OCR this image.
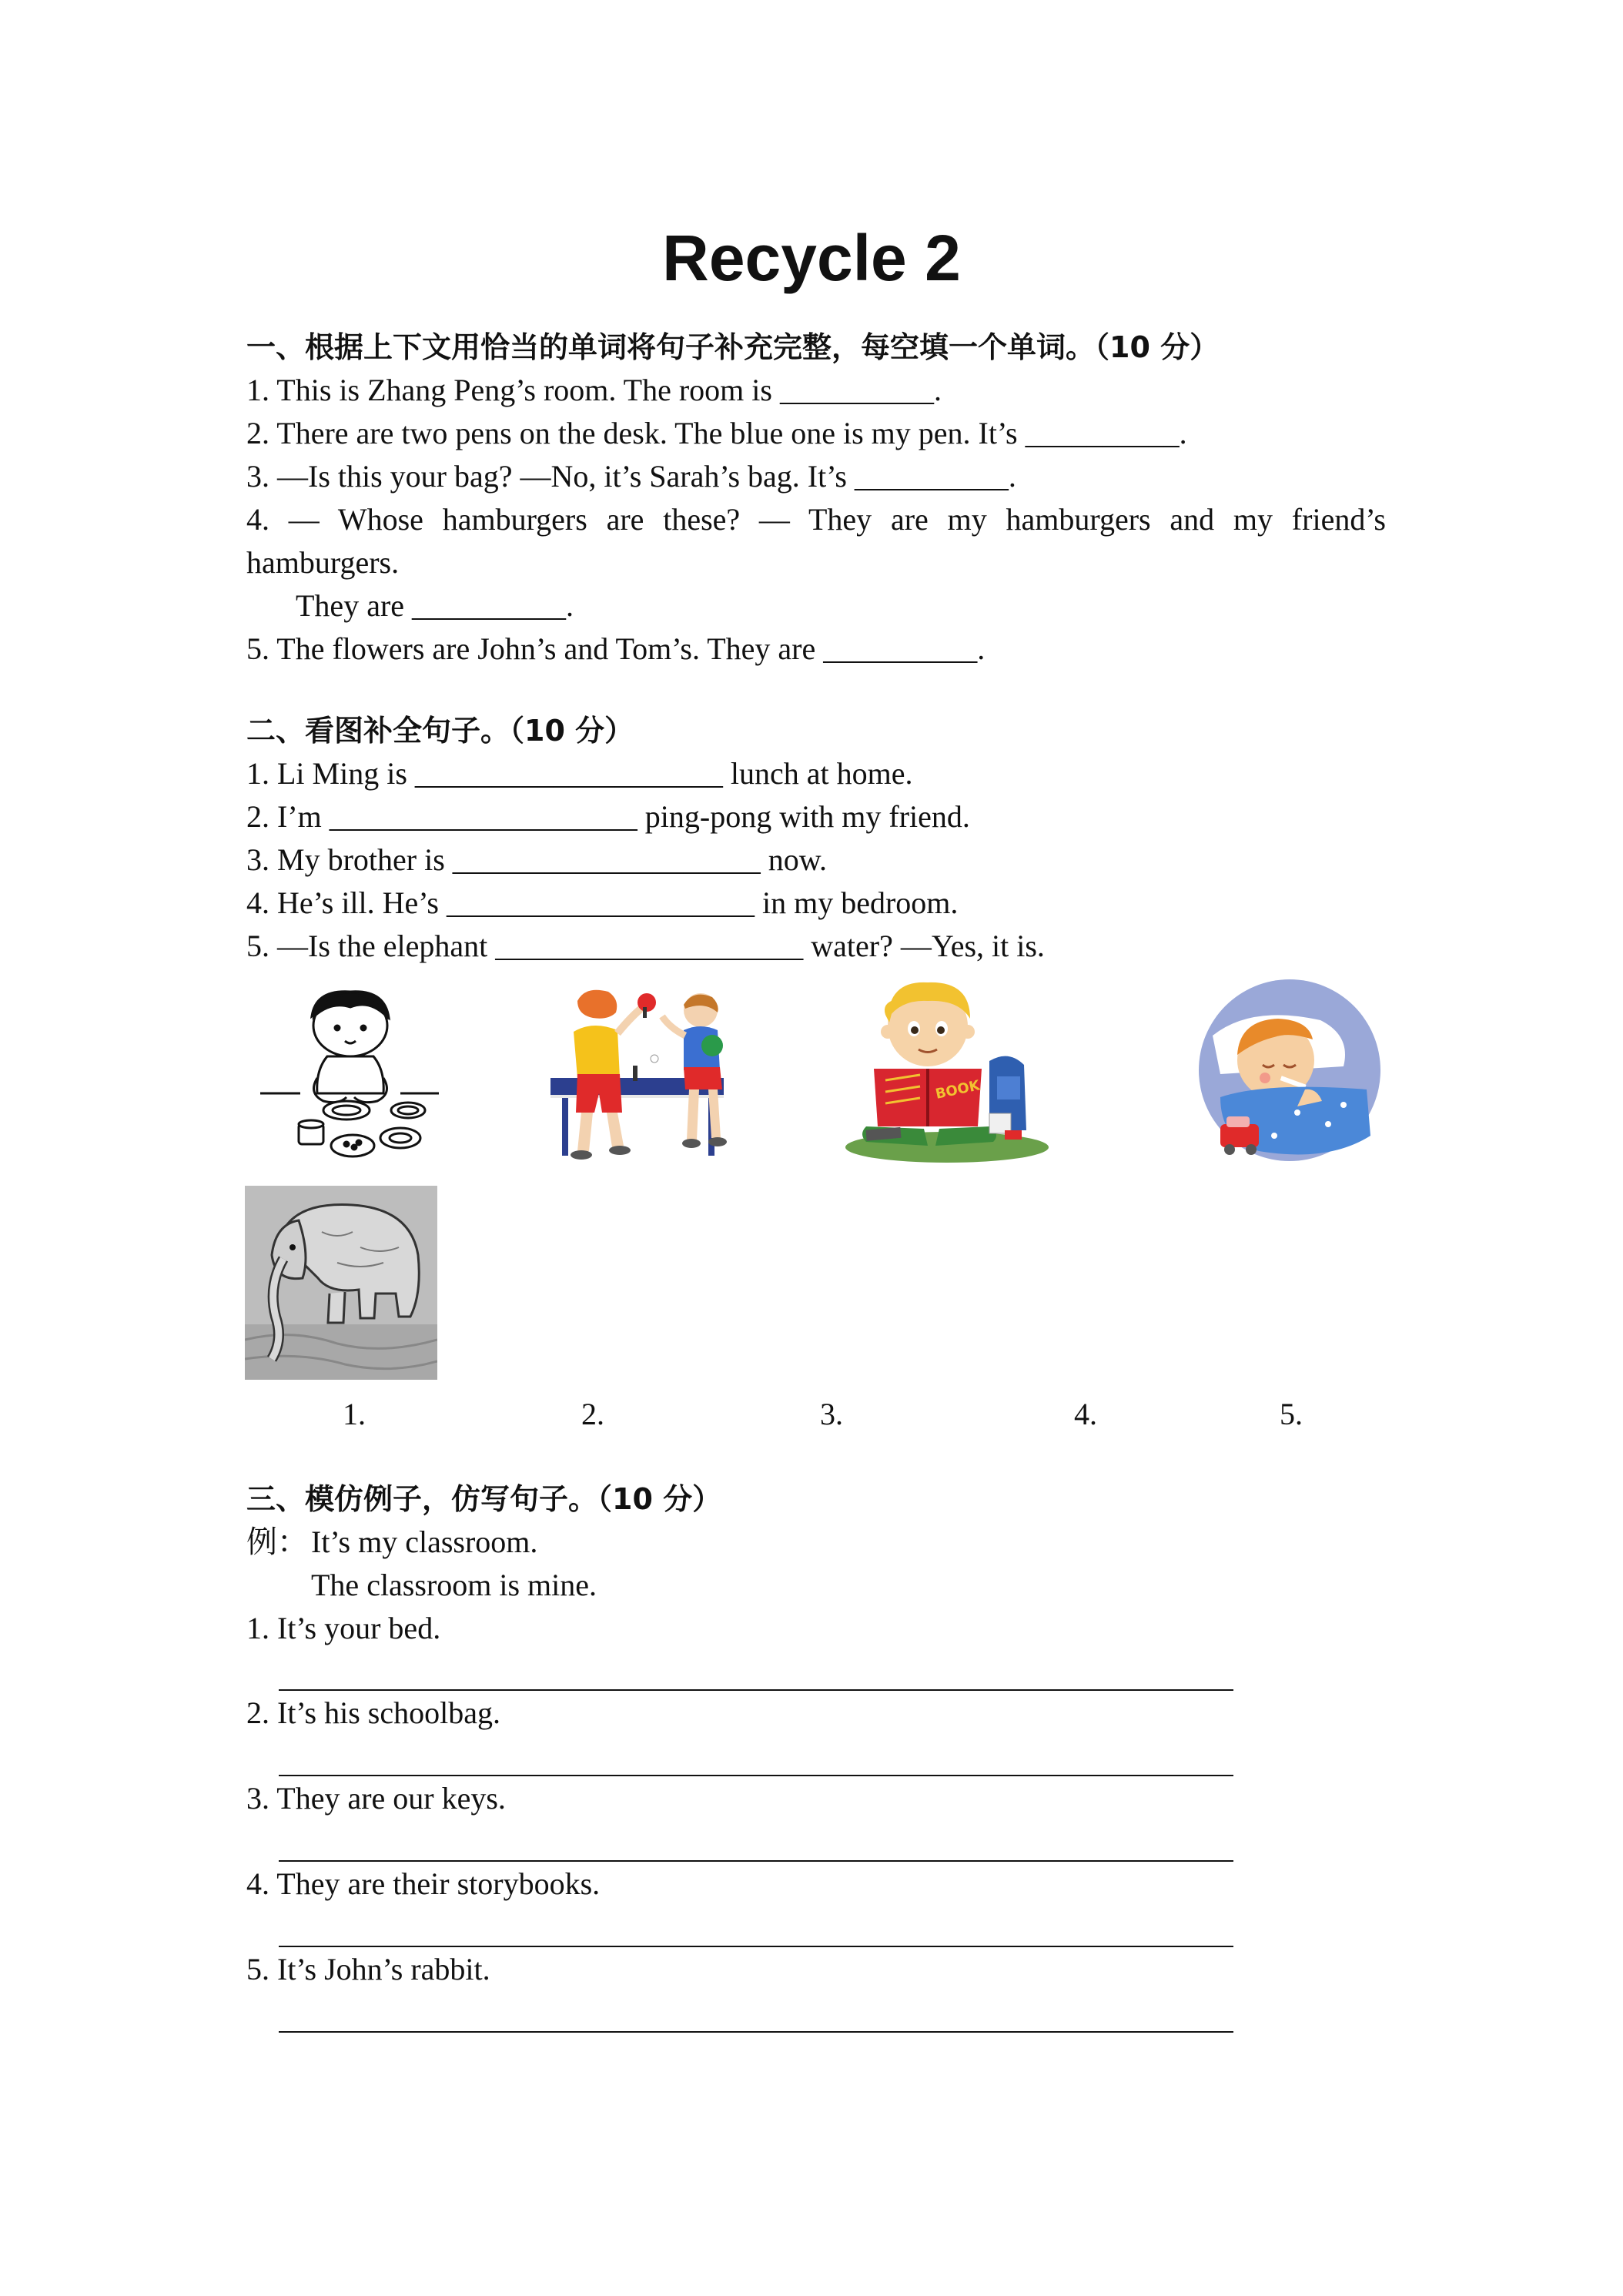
Recycle 2
一、根据上下文用恰当的单词将句子补充完整，每空填一个单词。（10 分）
1. This is Zhang Peng’s room. The room is __________.
2. There are two pens on the desk. The blue one is my pen. It’s __________.
3. —Is this your bag? —No, it’s Sarah’s bag. It’s __________.
4. — Whose hamburgers are these? — They are my hamburgers and my friend’s
hamburgers.
They are __________.
5. The flowers are John’s and Tom’s. They are __________.
二、看图补全句子。（10 分）
1. Li Ming is ____________________ lunch at home.
2. I’m ____________________ ping-pong with my friend.
3. My brother is ____________________ now.
4. He’s ill. He’s ____________________ in my bedroom.
5. —Is the elephant ____________________ water? —Yes, it is.
BOOK
1.	2.	3.	4.	5.
三、模仿例子，仿写句子。（10 分）
例： It’s my classroom.
The classroom is mine.
1. It’s your bed.
2. It’s his schoolbag.
3. They are our keys.
4. They are their storybooks.
5. It’s John’s rabbit.
